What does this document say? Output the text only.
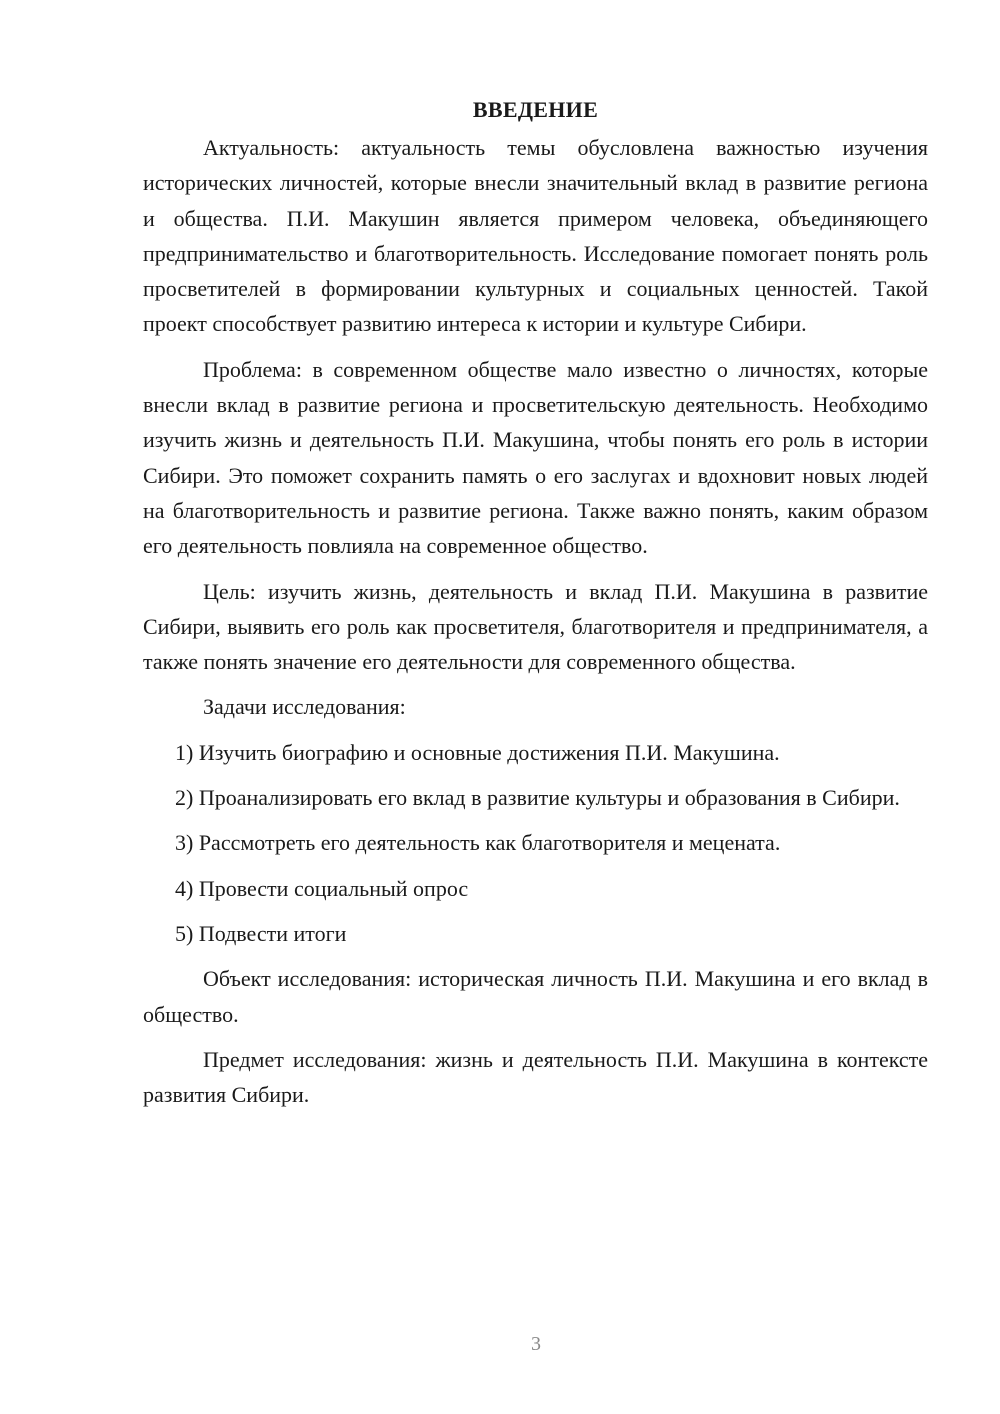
ВВЕДЕНИЕ

Актуальность: актуальность темы обусловлена важностью изучения исторических личностей, которые внесли значительный вклад в развитие региона и общества. П.И. Макушин является примером человека, объединяющего предпринимательство и благотворительность. Исследование помогает понять роль просветителей в формировании культурных и социальных ценностей. Такой проект способствует развитию интереса к истории и культуре Сибири.

Проблема: в современном обществе мало известно о личностях, которые внесли вклад в развитие региона и просветительскую деятельность. Необходимо изучить жизнь и деятельность П.И. Макушина, чтобы понять его роль в истории Сибири. Это поможет сохранить память о его заслугах и вдохновит новых людей на благотворительность и развитие региона. Также важно понять, каким образом его деятельность повлияла на современное общество.

Цель: изучить жизнь, деятельность и вклад П.И. Макушина в развитие Сибири, выявить его роль как просветителя, благотворителя и предпринимателя, а также понять значение его деятельности для современного общества.

Задачи исследования:

1) Изучить биографию и основные достижения П.И. Макушина.

2) Проанализировать его вклад в развитие культуры и образования в Сибири.

3) Рассмотреть его деятельность как благотворителя и мецената.

4) Провести социальный опрос

5) Подвести итоги

Объект исследования: историческая личность П.И. Макушина и его вклад в общество.

Предмет исследования: жизнь и деятельность П.И. Макушина в контексте развития Сибири.

3
